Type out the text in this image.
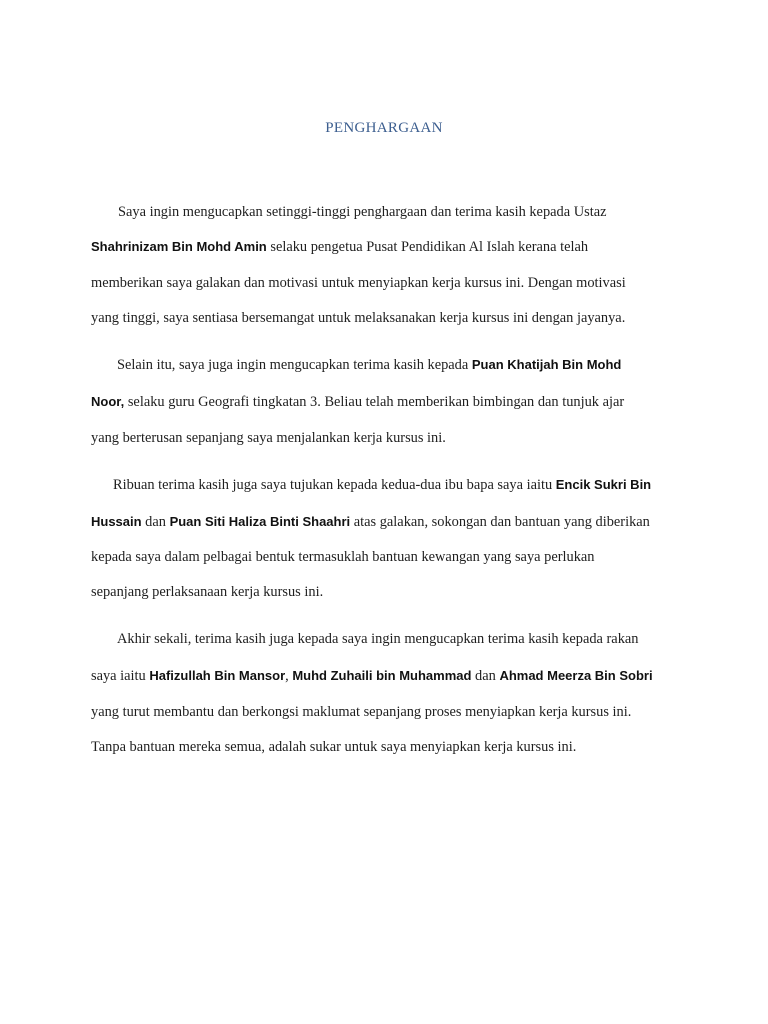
PENGHARGAAN
Saya ingin mengucapkan setinggi-tinggi penghargaan dan terima kasih kepada Ustaz
Shahrinizam Bin Mohd Amin selaku pengetua Pusat Pendidikan Al Islah kerana telah
memberikan saya galakan dan motivasi untuk menyiapkan kerja kursus ini. Dengan motivasi
yang tinggi, saya sentiasa bersemangat untuk melaksanakan kerja kursus ini dengan jayanya.
Selain itu, saya juga ingin mengucapkan terima kasih kepada Puan Khatijah Bin Mohd
Noor, selaku guru Geografi tingkatan 3. Beliau telah memberikan bimbingan dan tunjuk ajar
yang berterusan sepanjang saya menjalankan kerja kursus ini.
Ribuan terima kasih juga saya tujukan kepada kedua-dua ibu bapa saya iaitu Encik Sukri Bin
Hussain dan Puan Siti Haliza Binti Shaahri atas galakan, sokongan dan bantuan yang diberikan
kepada saya dalam pelbagai bentuk termasuklah bantuan kewangan yang saya perlukan
sepanjang perlaksanaan kerja kursus ini.
Akhir sekali, terima kasih juga kepada saya ingin mengucapkan terima kasih kepada rakan
saya iaitu Hafizullah Bin Mansor, Muhd Zuhaili bin Muhammad dan Ahmad Meerza Bin Sobri
yang turut membantu dan berkongsi maklumat sepanjang proses menyiapkan kerja kursus ini.
Tanpa bantuan mereka semua, adalah sukar untuk saya menyiapkan kerja kursus ini.
